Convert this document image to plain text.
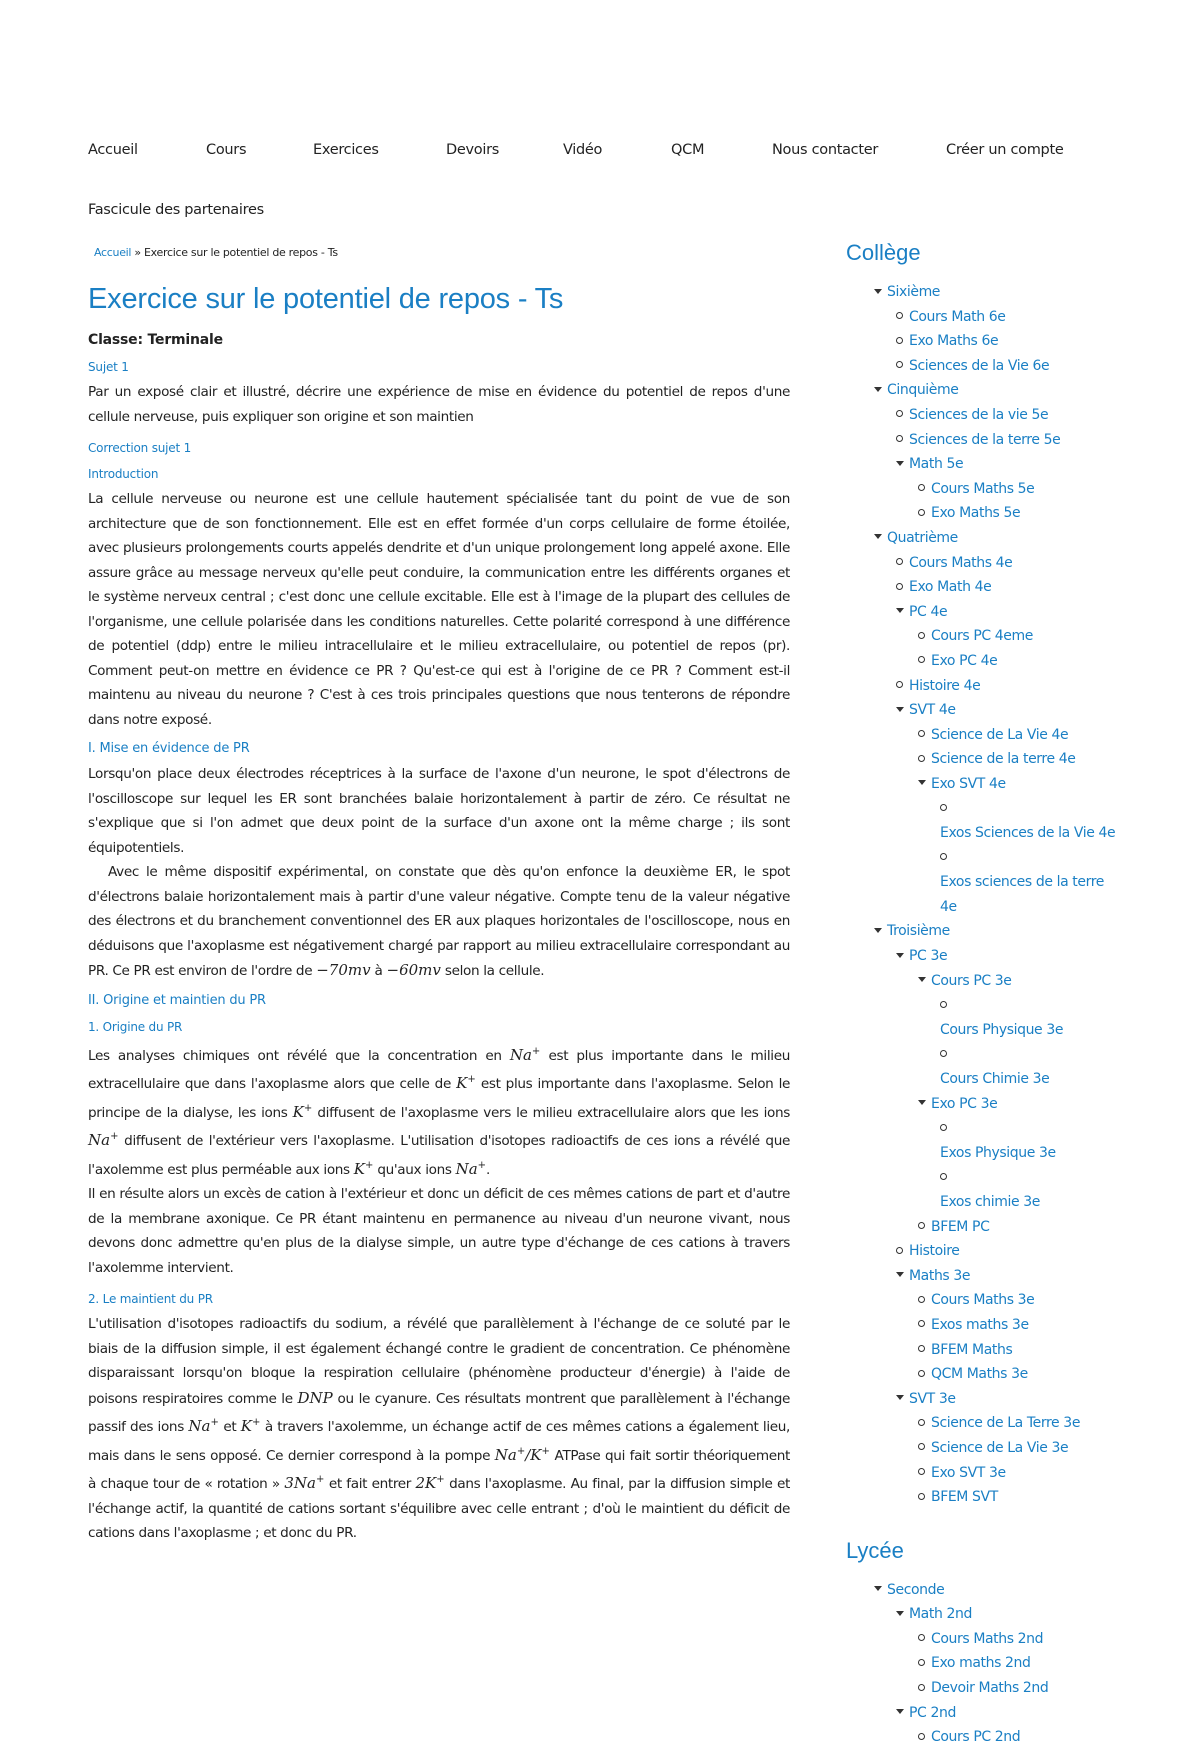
Accueil	Cours	Exercices	Devoirs	Vidéo	QCM	Nous contacter	Créer un compte
Fascicule des partenaires
Accueil » Exercice sur le potentiel de repos - Ts
Exercice sur le potentiel de repos - Ts
Classe: Terminale
Sujet 1

Par un exposé clair et illustré, décrire une expérience de mise en évidence du potentiel de repos d'une cellule nerveuse, puis expliquer son origine et son maintien

Correction sujet 1
Introduction

La cellule nerveuse ou neurone est une cellule hautement spécialisée tant du point de vue de son architecture que de son fonctionnement. Elle est en effet formée d'un corps cellulaire de forme étoilée, avec plusieurs prolongements courts appelés dendrite et d'un unique prolongement long appelé axone. Elle assure grâce au message nerveux qu'elle peut conduire, la communication entre les différents organes et le système nerveux central ; c'est donc une cellule excitable. Elle est à l'image de la plupart des cellules de l'organisme, une cellule polarisée dans les conditions naturelles. Cette polarité correspond à une différence de potentiel (ddp) entre le milieu intracellulaire et le milieu extracellulaire, ou potentiel de repos (pr). Comment peut-on mettre en évidence ce PR ? Qu'est-ce qui est à l'origine de ce PR ? Comment est-il maintenu au niveau du neurone ? C'est à ces trois principales questions que nous tenterons de répondre dans notre exposé.

I. Mise en évidence de PR

Lorsqu'on place deux électrodes réceptrices à la surface de l'axone d'un neurone, le spot d'électrons de l'oscilloscope sur lequel les ER sont branchées balaie horizontalement à partir de zéro. Ce résultat ne s'explique que si l'on admet que deux point de la surface d'un axone ont la même charge ; ils sont équipotentiels.

Avec le même dispositif expérimental, on constate que dès qu'on enfonce la deuxième ER, le spot d'électrons balaie horizontalement mais à partir d'une valeur négative. Compte tenu de la valeur négative des électrons et du branchement conventionnel des ER aux plaques horizontales de l'oscilloscope, nous en déduisons que l'axoplasme est négativement chargé par rapport au milieu extracellulaire correspondant au PR. Ce PR est environ de l'ordre de −70mv à −60mv selon la cellule.

II. Origine et maintien du PR
1. Origine du PR

Les analyses chimiques ont révélé que la concentration en Na+ est plus importante dans le milieu extracellulaire que dans l'axoplasme alors que celle de K+ est plus importante dans l'axoplasme. Selon le principe de la dialyse, les ions K+ diffusent de l'axoplasme vers le milieu extracellulaire alors que les ions Na+ diffusent de l'extérieur vers l'axoplasme. L'utilisation d'isotopes radioactifs de ces ions a révélé que l'axolemme est plus perméable aux ions K+ qu'aux ions Na+.
Il en résulte alors un excès de cation à l'extérieur et donc un déficit de ces mêmes cations de part et d'autre de la membrane axonique. Ce PR étant maintenu en permanence au niveau d'un neurone vivant, nous devons donc admettre qu'en plus de la dialyse simple, un autre type d'échange de ces cations à travers l'axolemme intervient.

2. Le maintient du PR

L'utilisation d'isotopes radioactifs du sodium, a révélé que parallèlement à l'échange de ce soluté par le biais de la diffusion simple, il est également échangé contre le gradient de concentration. Ce phénomène disparaissant lorsqu'on bloque la respiration cellulaire (phénomène producteur d'énergie) à l'aide de poisons respiratoires comme le DNP ou le cyanure. Ces résultats montrent que parallèlement à l'échange passif des ions Na+ et K+ à travers l'axolemme, un échange actif de ces mêmes cations a également lieu, mais dans le sens opposé. Ce dernier correspond à la pompe Na+/K+ ATPase qui fait sortir théoriquement à chaque tour de « rotation » 3Na+ et fait entrer 2K+ dans l'axoplasme. Au final, par la diffusion simple et l'échange actif, la quantité de cations sortant s'équilibre avec celle entrant ; d'où le maintient du déficit de cations dans l'axoplasme ; et donc du PR.

Collège
Sixième
Cours Math 6e
Exo Maths 6e
Sciences de la Vie 6e
Cinquième
Sciences de la vie 5e
Sciences de la terre 5e
Math 5e
Cours Maths 5e
Exo Maths 5e
Quatrième
Cours Maths 4e
Exo Math 4e
PC 4e
Cours PC 4eme
Exo PC 4e
Histoire 4e
SVT 4e
Science de La Vie 4e
Science de la terre 4e
Exo SVT 4e
Exos Sciences de la Vie 4e
Exos sciences de la terre 4e
Troisième
PC 3e
Cours PC 3e
Cours Physique 3e
Cours Chimie 3e
Exo PC 3e
Exos Physique 3e
Exos chimie 3e
BFEM PC
Histoire
Maths 3e
Cours Maths 3e
Exos maths 3e
BFEM Maths
QCM Maths 3e
SVT 3e
Science de La Terre 3e
Science de La Vie 3e
Exo SVT 3e
BFEM SVT
Lycée
Seconde
Math 2nd
Cours Maths 2nd
Exo maths 2nd
Devoir Maths 2nd
PC 2nd
Cours PC 2nd
